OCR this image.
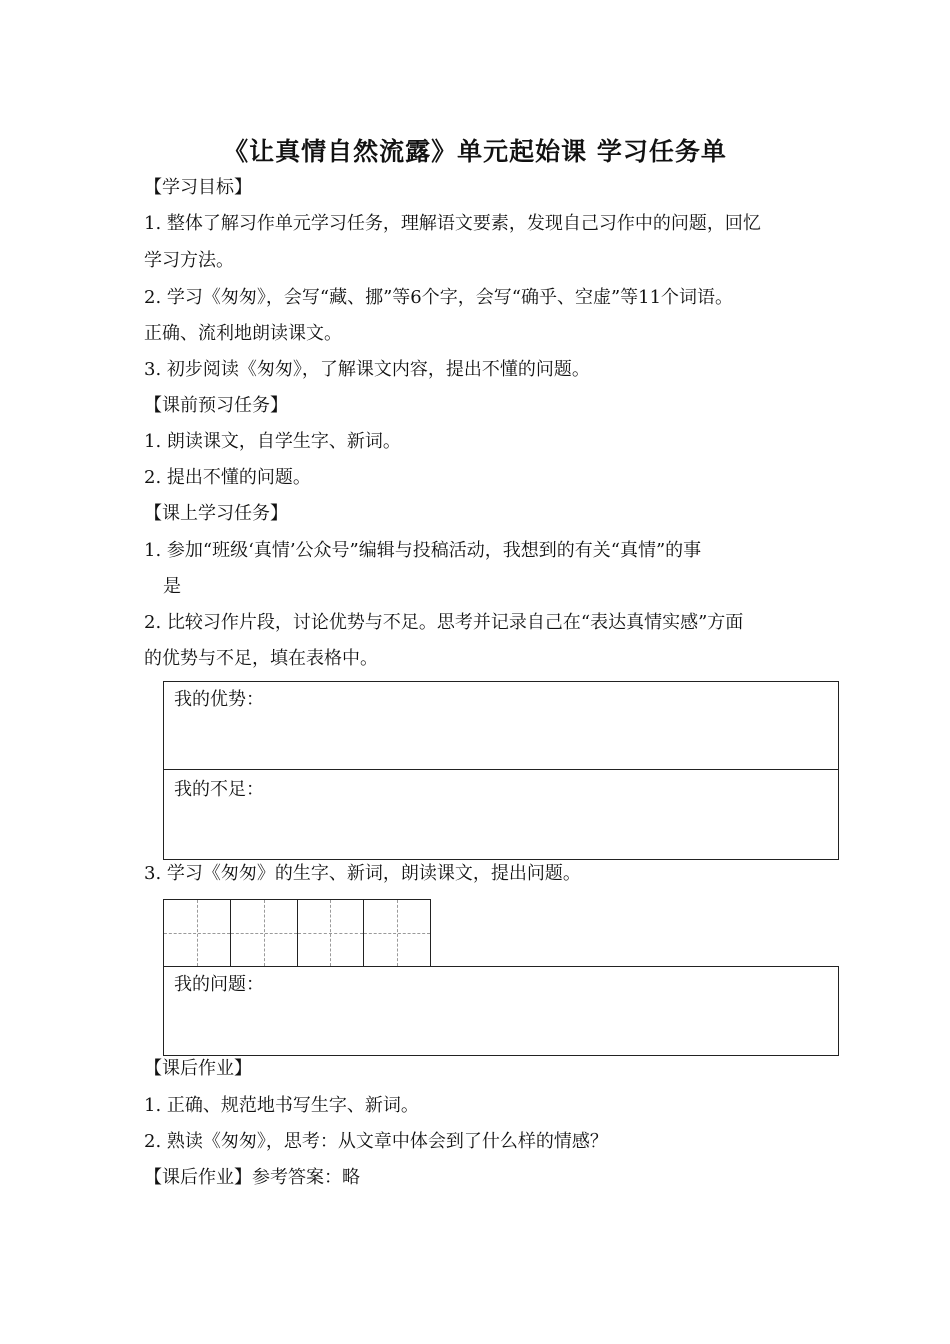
《让真情自然流露》单元起始课 学习任务单
【学习目标】
1. 整体了解习作单元学习任务，理解语文要素，发现自己习作中的问题，回忆
学习方法。
2. 学习《匆匆》，会写“藏、挪”等6个字，会写“确乎、空虚”等11个词语。
正确、流利地朗读课文。
3. 初步阅读《匆匆》，了解课文内容，提出不懂的问题。
【课前预习任务】
1. 朗读课文，自学生字、新词。
2. 提出不懂的问题。
【课上学习任务】
1. 参加“班级‘真情’公众号”编辑与投稿活动，我想到的有关“真情”的事
是
2. 比较习作片段，讨论优势与不足。思考并记录自己在“表达真情实感”方面
的优势与不足，填在表格中。
我的优势：
我的不足：
3. 学习《匆匆》的生字、新词，朗读课文，提出问题。
我的问题：
【课后作业】
1. 正确、规范地书写生字、新词。
2. 熟读《匆匆》，思考：从文章中体会到了什么样的情感？
【课后作业】参考答案：略
